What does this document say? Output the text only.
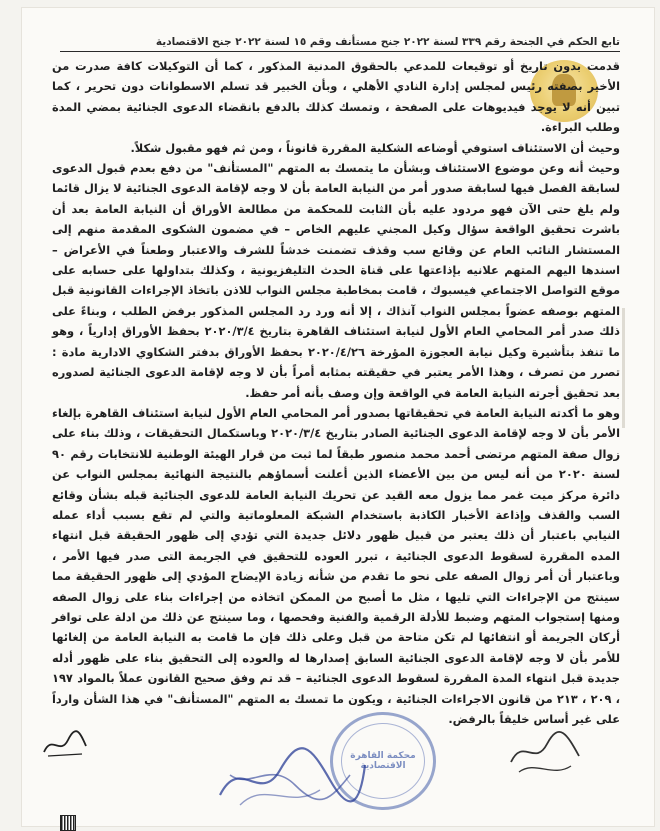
تابع الحكم في الجنحة رقم ٣٣٩ لسنة ٢٠٢٢ جنح مستأنف وقم ١٥ لسنة ٢٠٢٢ جنح الاقتصادية

قدمت بدون تاريخ أو توقيعات للمدعي بالحقوق المدنية المذكور ، كما أن التوكيلات كافة صدرت من الأخير بصفته رئيس لمجلس إدارة النادي الأهلي ، وبأن الخبير قد تسلم الاسطوانات دون تحرير ، كما تبين أنه لا يوجد فيديوهات على الصفحة ، وتمسك كذلك بالدفع بانقضاء الدعوى الجنائية بمضي المدة وطلب البراءة.

وحيث أن الاستئناف استوفي أوضاعه الشكلية المقررة قانوناً ، ومن ثم فهو مقبول شكلاً.

وحيث أنه وعن موضوع الاستئناف وبشأن ما يتمسك به المتهم "المستأنف" من دفع بعدم قبول الدعوى لسابقة الفصل فيها لسابقة صدور أمر من النيابة العامة بأن لا وجه لإقامة الدعوى الجنائية لا يزال قائما ولم يلغ حتى الآن فهو مردود عليه بأن الثابت للمحكمة من مطالعة الأوراق أن النيابة العامة بعد أن باشرت تحقيق الواقعة سؤال وكيل المجني عليهم الخاص – في مضمون الشكوى المقدمة منهم إلى المستشار النائب العام عن وقائع سب وقذف تضمنت خدشاً للشرف والاعتبار وطعناً في الأعراض – اسندها اليهم المتهم علانيه بإذاعتها على قناة الحدث التليفزيونية ، وكذلك بتداولها على حسابه على موقع التواصل الاجتماعي فيسبوك ، قامت بمخاطبة مجلس النواب للاذن باتخاذ الإجراءات القانونية قبل المتهم بوصفه عضواً بمجلس النواب آنذاك ، إلا أنه ورد رد المجلس المذكور برفض الطلب ، وبناءً على ذلك صدر أمر المحامي العام الأول لنيابة استئناف القاهرة بتاريخ ٢٠٢٠/٣/٤ بحفظ الأوراق إدارياً ، وهو ما تنفذ بتأشيرة وكيل نيابة العجوزة المؤرخة ٢٠٢٠/٤/٢٦ بحفظ الأوراق بدفتر الشكاوي الادارية مادة : تصرر من تصرف ، وهذا الأمر يعتبر في حقيقته بمثابه أمراً بأن لا وجه لإقامة الدعوى الجنائية لصدوره بعد تحقيق أجرته النيابة العامة في الواقعة وإن وصف بأنه أمر حفظ.

وهو ما أكدته النيابة العامة في تحقيقاتها بصدور أمر المحامي العام الأول لنيابة استئناف القاهرة بإلغاء الأمر بأن لا وجه لإقامة الدعوى الجنائية الصادر بتاريخ ٢٠٢٠/٣/٤ وباستكمال التحقيقات ، وذلك بناء على زوال صفة المتهم مرتضى أحمد محمد منصور طبقاً لما ثبت من قرار الهيئة الوطنية للانتخابات رقم ٩٠ لسنة ٢٠٢٠ من أنه ليس من بين الأعضاء الذين أعلنت أسماؤهم بالنتيجة النهائية بمجلس النواب عن دائرة مركز ميت غمر مما يزول معه القيد عن تحريك النيابة العامة للدعوى الجنائية قبله بشأن وقائع السب والقذف وإذاعة الأخبار الكاذبة باستخدام الشبكة المعلوماتية والتي لم تقع بسبب أداء عمله النيابي باعتبار أن ذلك يعتبر من قبيل ظهور دلائل جديدة التي تؤدي إلى ظهور الحقيقة قبل انتهاء المده المقررة لسقوط الدعوى الجنائية ، تبرر العوده للتحقيق في الجريمة التى صدر فيها الأمر ، وباعتبار أن أمر زوال الصفه على نحو ما تقدم من شأنه زيادة الإيضاح المؤدي إلى ظهور الحقيقة مما سينتج من الإجراءات التي تليها ، مثل ما أصبح من الممكن اتخاذه من إجراءات بناء على زوال الصفه ومنها إستجواب المتهم وضبط للأدلة الرقمية والفنية وفحصها ، وما سينتج عن ذلك من ادلة على توافر أركان الجريمة أو انتفائها لم تكن متاحة من قبل وعلى ذلك فإن ما قامت به النيابة العامة من إلغائها للأمر بأن لا وجه لإقامة الدعوى الجنائية السابق إصدارها له والعوده إلى التحقيق بناء على ظهور أدله جديدة قبل انتهاء المدة المقررة لسقوط الدعوى الجنائية – قد تم وفق صحيح القانون عملاً بالمواد ١٩٧ ، ٢٠٩ ، ٢١٣ من قانون الاجراءات الجنائية ، ويكون ما تمسك به المتهم "المستأنف" في هذا الشأن وارداً على غير أساس خليقاً بالرفض.

محكمة القاهرة الاقتصادية
